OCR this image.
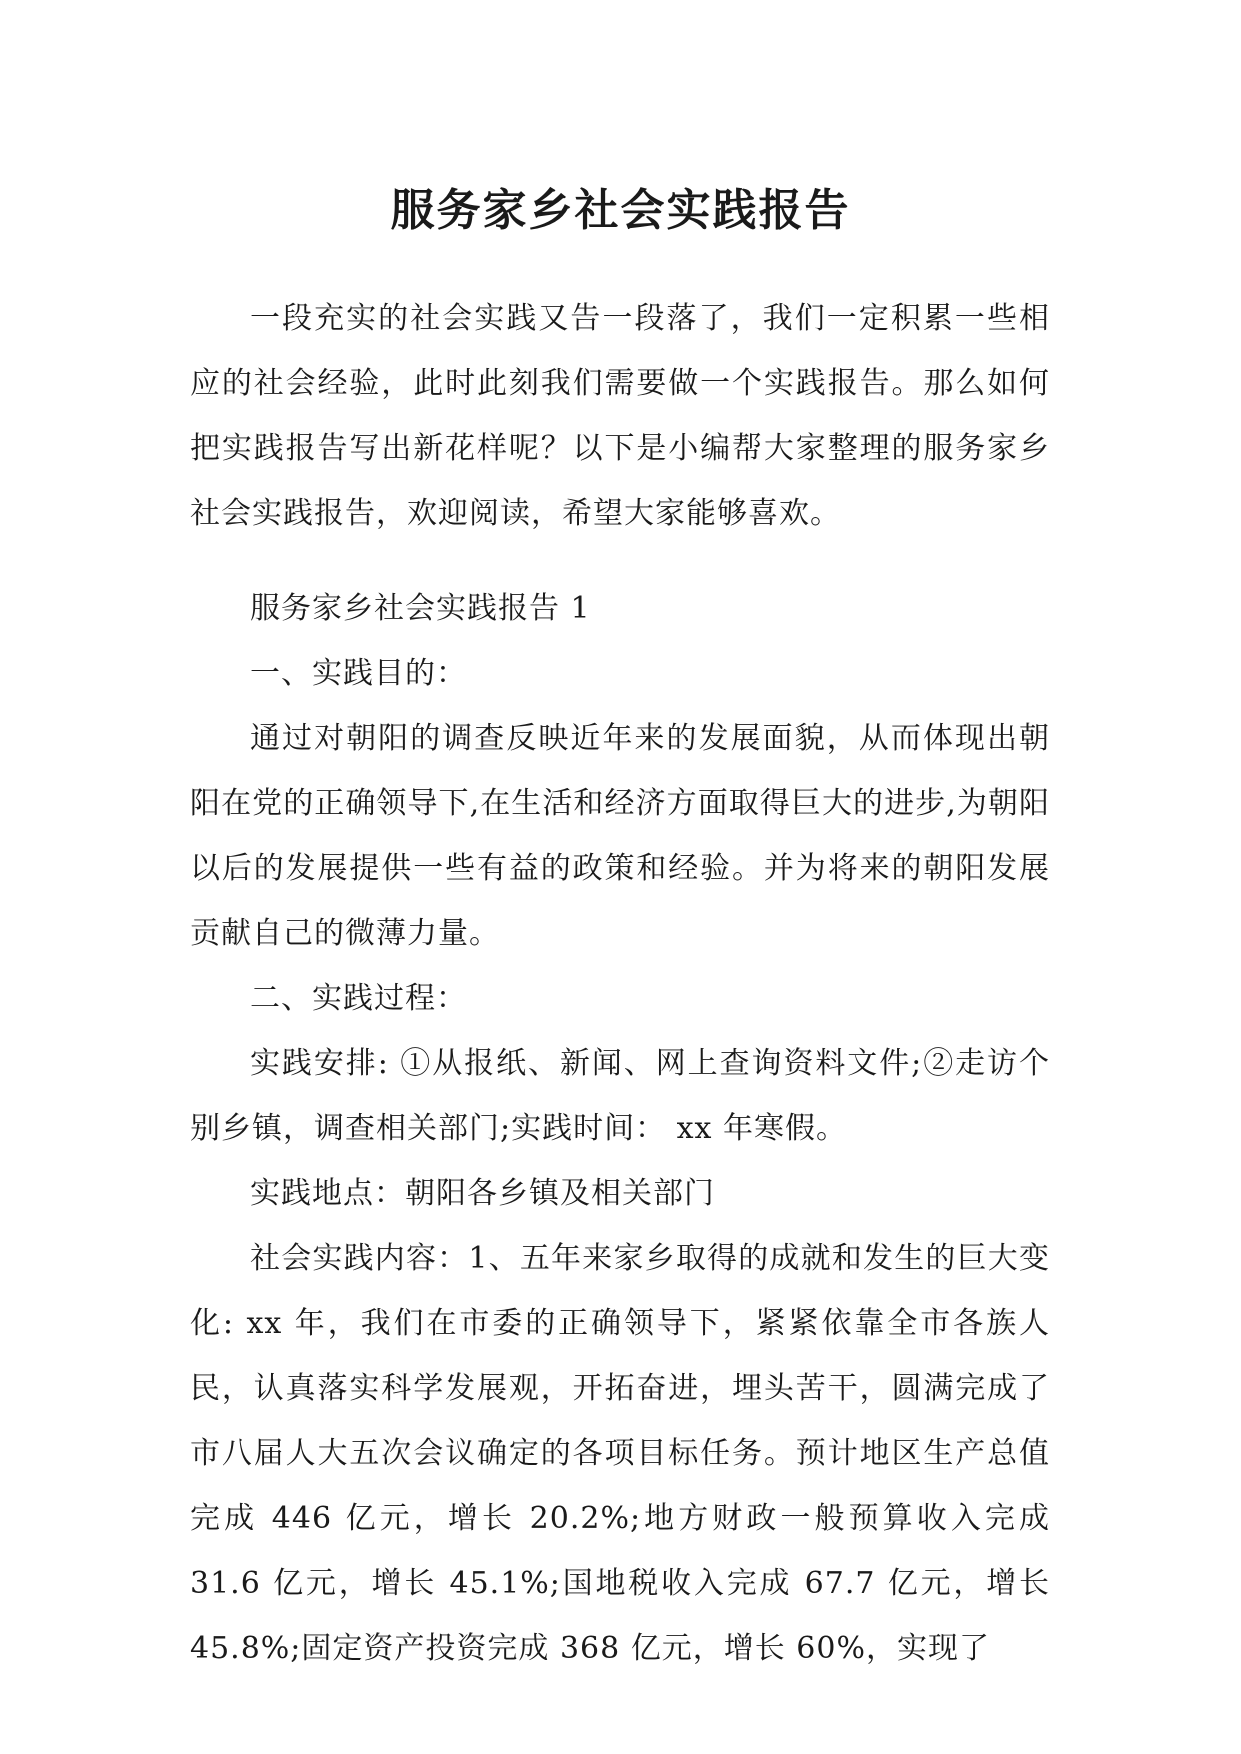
服务家乡社会实践报告

一段充实的社会实践又告一段落了，我们一定积累一些相应的社会经验，此时此刻我们需要做一个实践报告。那么如何把实践报告写出新花样呢？以下是小编帮大家整理的服务家乡社会实践报告，欢迎阅读，希望大家能够喜欢。

服务家乡社会实践报告 1

一、实践目的：

通过对朝阳的调查反映近年来的发展面貌，从而体现出朝阳在党的正确领导下,在生活和经济方面取得巨大的进步,为朝阳以后的发展提供一些有益的政策和经验。并为将来的朝阳发展贡献自己的微薄力量。

二、实践过程：

实践安排: ①从报纸、新闻、网上查询资料文件;②走访个别乡镇，调查相关部门;实践时间： xx 年寒假。

实践地点：朝阳各乡镇及相关部门

社会实践内容：1、五年来家乡取得的成就和发生的巨大变化: xx 年，我们在市委的正确领导下，紧紧依靠全市各族人民，认真落实科学发展观，开拓奋进，埋头苦干，圆满完成了市八届人大五次会议确定的各项目标任务。预计地区生产总值完成 446 亿元，增长 20.2%;地方财政一般预算收入完成 31.6 亿元，增长 45.1%;国地税收入完成 67.7 亿元，增长 45.8%;固定资产投资完成 368 亿元，增长 60%，实现了
